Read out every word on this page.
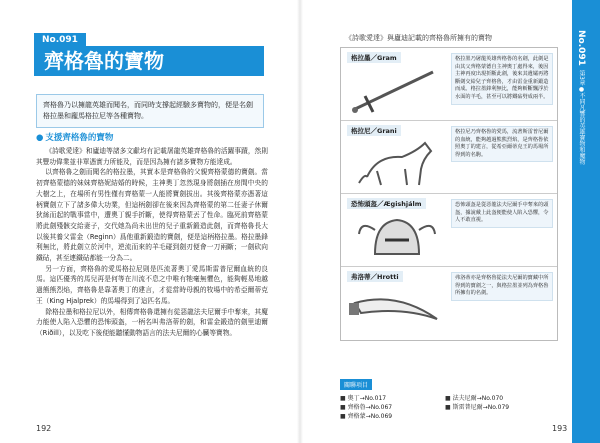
No.091
齊格魯的寶物
齊格魯乃以擁龍英雄而聞名，而同時支撐起經驗多寶物的，便是名劍格拉墨和龐馬格拉尼等各種寶物。
● 支援齊格魯的寶物

《詩歌愛達》和廬迪等諸多文獻均有記載屠龍英雄齊格魯的活躍事蹟，然則其豐功偉業並非單憑實力所能及，而是因為擁有諸多寶物方能達成。

以齊格魯之劍而聞名的格拉墨，其實本是齊格魯的父親齊格蒙德的寶劍。當初齊格蒙德的妹妹齊格妮結婚的時候，主神奧丁忽然現身將劍插在房間中央的大樹之上，在場所有男性僅有齊格蒙一人能將寶劍拔出。其後齊格蒙亦憑著這柄寶劍立下了諸多偉大功業，但這柄劍卻在後來因為齊格蒙的第二任妻子休爾狄絲而起的戰事當中，遭奧丁親手折斷，使得齊格蒙丟了性命。臨死前齊格蒙將此劍殘骸交給妻子，交代她為尚未出世的兒子重新鍛造此劍，而齊格魯長大以後其養父雷金（Reginn）爲他重新鍛造的寶劍，便是這柄格拉墨。格拉墨鋒利無比，將此劍立於河中，逆流而來的羊毛碰到劍刃便會一刀兩斷；一劍砍向鐵砧，甚至連鐵砧都能一分為二。

另一方面，齊格魯的愛馬格拉尼則是匹流著奧丁愛馬斯雷普尼爾血統的良馬。這匹優秀的馬兒再是何等在川流不息之中唯有牠毫無懼色，能夠輕易地越過熊熊烈焰，齊格魯是靠著奧丁的建言，才從當時母親的牧場中的希亞爾蒂克王（King Hjalprek）的馬場得到了這匹名馬。

除格拉墨和格拉尼以外，相傳齊格魯還擁有從惡龍法夫尼爾手中奪來，其魔力能使人陷入恐懼的恐怖頭盔，一柄名叫弗洛蒂的劍，和雷金鍛造的劍里迪爾（Riðill），以及吃下後便能聽懂動物語言的法夫尼爾的心臟等寶物。

192
No.091
第3章●不同凡響的英雄寶物和魔物
《詩歌愛達》與廬迪記載的齊格魯所擁有的寶物
格拉墨／Gram	格拉墨乃屠龍英雄齊格魯的名劍，此劍是由其父齊格蒙德自主神奧丁處得來，後因主神再度出現折斷此劍，後來其遺孀再將斷劍交給兒子齊格魯，才由雷金重新鍛造而成。格拉墨鋒利無比，能夠斬斷飄浮於水面的羊毛，甚至可以將鐵砧劈成兩半。
格拉尼／Grani	格拉尼乃齊格魯的愛馬，流著斯雷普尼爾的血統，能夠越過熊熊烈焰，是齊格魯依照奧丁的建言，從希亞爾蒂克王的馬場所得到的名駒。
恐怖頭盔／Ægishjálm	恐怖頭盔是從惡龍法夫尼爾手中奪來的頭盔，據說戴上此盔便能使人陷入恐懼，令人不敢直視。
弗洛蒂／Hrotti	弗洛蒂亦是齊格魯從法夫尼爾的寶藏中所得到的寶劍之一，與格拉墨並列為齊格魯所擁有的名劍。
關聯項目
■ 奧丁→No.017	■ 法夫尼爾→No.070
■ 齊格魯→No.067	■ 斯雷普尼爾→No.079
■ 齊格蒙→No.069
193
